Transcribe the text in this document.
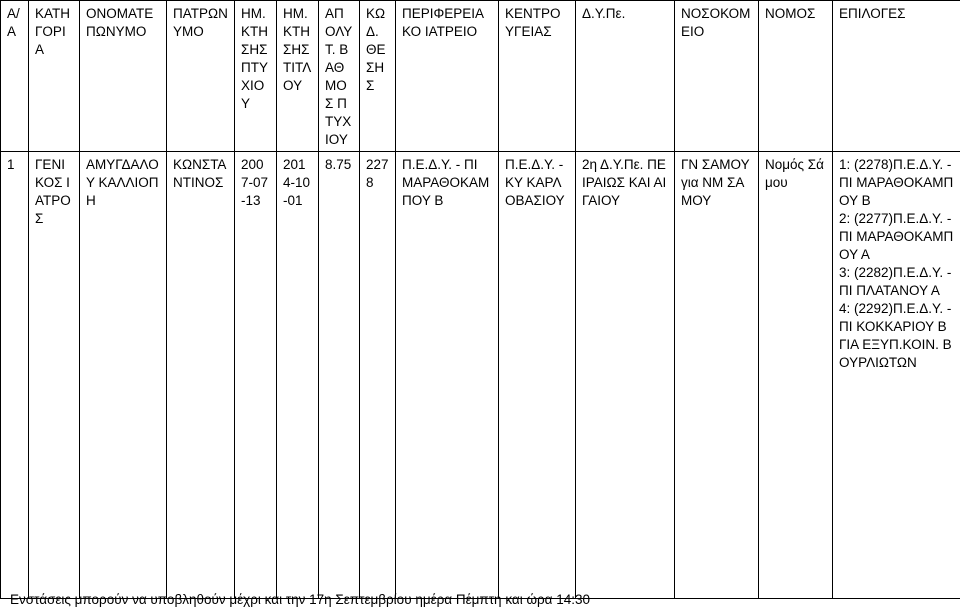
Α/Α	ΚΑΤΗΓΟΡΙΑ	ΟΝΟΜΑΤΕΠΩΝΥΜΟ	ΠΑΤΡΩΝΥΜΟ	ΗΜ. ΚΤΗΣΗΣ ΠΤΥΧΙΟΥ	ΗΜ. ΚΤΗΣΗΣ ΤΙΤΛΟΥ	ΑΠΟΛΥΤ. ΒΑΘΜΟΣ ΠΤΥΧΙΟΥ	ΚΩΔ. ΘΕΣΗΣ	ΠΕΡΙΦΕΡΕΙΑΚΟ ΙΑΤΡΕΙΟ	ΚΕΝΤΡΟ ΥΓΕΙΑΣ	Δ.Υ.Πε.	ΝΟΣΟΚΟΜΕΙΟ	ΝΟΜΟΣ	ΕΠΙΛΟΓΕΣ
1	ΓΕΝΙΚΟΣ ΙΑΤΡΟΣ	ΑΜΥΓΔΑΛΟΥ ΚΑΛΛΙΟΠΗ	ΚΩΝΣΤΑΝΤΙΝΟΣ	2007-07-13	2014-10-01	8.75	2278	Π.Ε.Δ.Υ. - ΠΙ ΜΑΡΑΘΟΚΑΜΠΟΥ Β	Π.Ε.Δ.Υ. - ΚΥ ΚΑΡΛΟΒΑΣΙΟΥ	2η Δ.Υ.Πε. ΠΕΙΡΑΙΩΣ ΚΑΙ ΑΙΓΑΙΟΥ	ΓΝ ΣΑΜΟΥ για ΝΜ ΣΑΜΟΥ	Νομός Σάμου	1: (2278)Π.Ε.Δ.Υ. - ΠΙ ΜΑΡΑΘΟΚΑΜΠΟΥ Β
2: (2277)Π.Ε.Δ.Υ. - ΠΙ ΜΑΡΑΘΟΚΑΜΠΟΥ Α
3: (2282)Π.Ε.Δ.Υ. - ΠΙ ΠΛΑΤΑΝΟΥ Α
4: (2292)Π.Ε.Δ.Υ. - ΠΙ ΚΟΚΚΑΡΙΟΥ Β ΓΙΑ ΕΞΥΠ.ΚΟΙΝ. ΒΟΥΡΛΙΩΤΩΝ
Ενστάσεις μπορούν να υποβληθούν μέχρι και την 17η Σεπτεμβρίου ημέρα Πέμπτη και ώρα 14:30
